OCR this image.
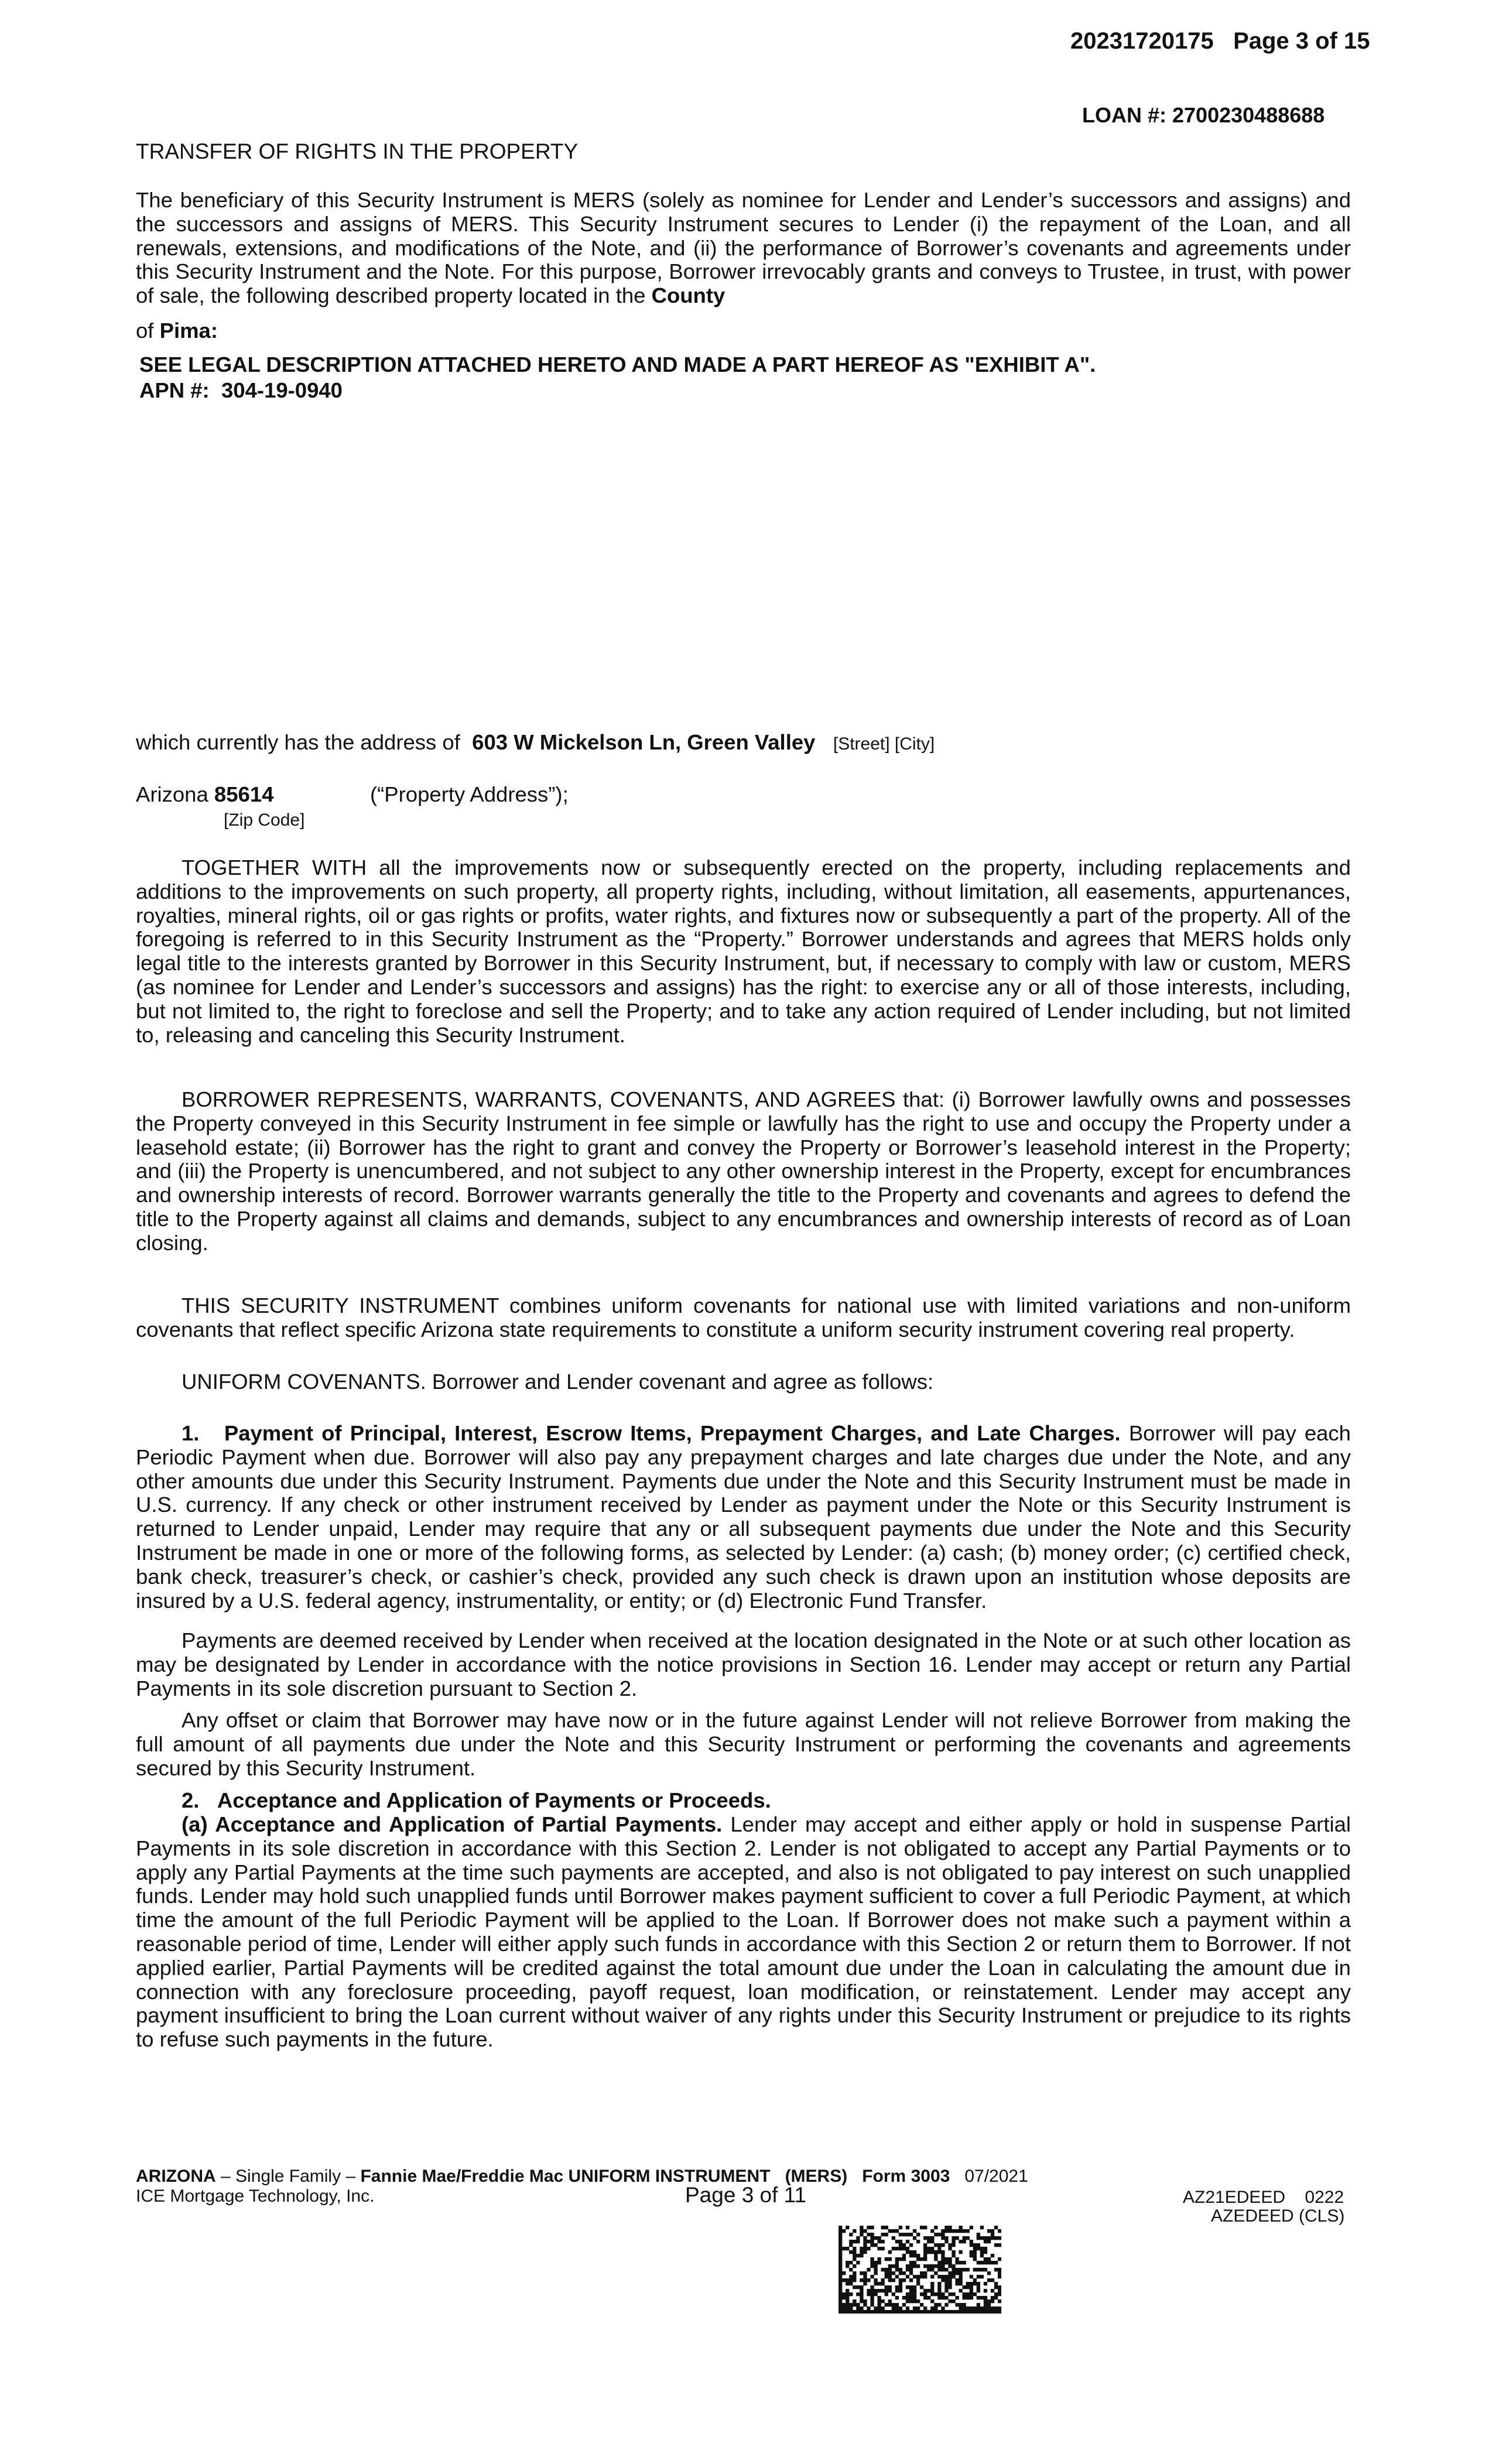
20231720175 Page 3 of 15
LOAN #: 2700230488688
TRANSFER OF RIGHTS IN THE PROPERTY

The beneficiary of this Security Instrument is MERS (solely as nominee for Lender and Lender’s successors and assigns) and the successors and assigns of MERS. This Security Instrument secures to Lender (i) the repayment of the Loan, and all renewals, extensions, and modifications of the Note, and (ii) the performance of Borrower’s covenants and agreements under this Security Instrument and the Note. For this purpose, Borrower irrevocably grants and conveys to Trustee, in trust, with power of sale, the following described property located in the County

of Pima:
SEE LEGAL DESCRIPTION ATTACHED HERETO AND MADE A PART HEREOF AS "EXHIBIT A".
APN #: 304-19-0940
which currently has the address of 603 W Mickelson Ln, Green Valley [Street] [City]
Arizona 85614
[Zip Code]
(“Property Address”);

TOGETHER WITH all the improvements now or subsequently erected on the property, including replacements and additions to the improvements on such property, all property rights, including, without limitation, all easements, appurtenances, royalties, mineral rights, oil or gas rights or profits, water rights, and fixtures now or subsequently a part of the property. All of the foregoing is referred to in this Security Instrument as the “Property.” Borrower understands and agrees that MERS holds only legal title to the interests granted by Borrower in this Security Instrument, but, if necessary to comply with law or custom, MERS (as nominee for Lender and Lender’s successors and assigns) has the right: to exercise any or all of those interests, including, but not limited to, the right to foreclose and sell the Property; and to take any action required of Lender including, but not limited to, releasing and canceling this Security Instrument.

BORROWER REPRESENTS, WARRANTS, COVENANTS, AND AGREES that: (i) Borrower lawfully owns and possesses the Property conveyed in this Security Instrument in fee simple or lawfully has the right to use and occupy the Property under a leasehold estate; (ii) Borrower has the right to grant and convey the Property or Borrower’s leasehold interest in the Property; and (iii) the Property is unencumbered, and not subject to any other ownership interest in the Property, except for encumbrances and ownership interests of record. Borrower warrants generally the title to the Property and covenants and agrees to defend the title to the Property against all claims and demands, subject to any encumbrances and ownership interests of record as of Loan closing.

THIS SECURITY INSTRUMENT combines uniform covenants for national use with limited variations and non-uniform covenants that reflect specific Arizona state requirements to constitute a uniform security instrument covering real property.

UNIFORM COVENANTS. Borrower and Lender covenant and agree as follows:

1. Payment of Principal, Interest, Escrow Items, Prepayment Charges, and Late Charges. Borrower will pay each Periodic Payment when due. Borrower will also pay any prepayment charges and late charges due under the Note, and any other amounts due under this Security Instrument. Payments due under the Note and this Security Instrument must be made in U.S. currency. If any check or other instrument received by Lender as payment under the Note or this Security Instrument is returned to Lender unpaid, Lender may require that any or all subsequent payments due under the Note and this Security Instrument be made in one or more of the following forms, as selected by Lender: (a) cash; (b) money order; (c) certified check, bank check, treasurer’s check, or cashier’s check, provided any such check is drawn upon an institution whose deposits are insured by a U.S. federal agency, instrumentality, or entity; or (d) Electronic Fund Transfer.

Payments are deemed received by Lender when received at the location designated in the Note or at such other location as may be designated by Lender in accordance with the notice provisions in Section 16. Lender may accept or return any Partial Payments in its sole discretion pursuant to Section 2.

Any offset or claim that Borrower may have now or in the future against Lender will not relieve Borrower from making the full amount of all payments due under the Note and this Security Instrument or performing the covenants and agreements secured by this Security Instrument.

2. Acceptance and Application of Payments or Proceeds.

(a) Acceptance and Application of Partial Payments. Lender may accept and either apply or hold in suspense Partial Payments in its sole discretion in accordance with this Section 2. Lender is not obligated to accept any Partial Payments or to apply any Partial Payments at the time such payments are accepted, and also is not obligated to pay interest on such unapplied funds. Lender may hold such unapplied funds until Borrower makes payment sufficient to cover a full Periodic Payment, at which time the amount of the full Periodic Payment will be applied to the Loan. If Borrower does not make such a payment within a reasonable period of time, Lender will either apply such funds in accordance with this Section 2 or return them to Borrower. If not applied earlier, Partial Payments will be credited against the total amount due under the Loan in calculating the amount due in connection with any foreclosure proceeding, payoff request, loan modification, or reinstatement. Lender may accept any payment insufficient to bring the Loan current without waiver of any rights under this Security Instrument or prejudice to its rights to refuse such payments in the future.

ARIZONA – Single Family – Fannie Mae/Freddie Mac UNIFORM INSTRUMENT (MERS) Form 3003 07/2021
ICE Mortgage Technology, Inc.	Page 3 of 11	AZ21EDEED 0222
AZEDEED (CLS)
